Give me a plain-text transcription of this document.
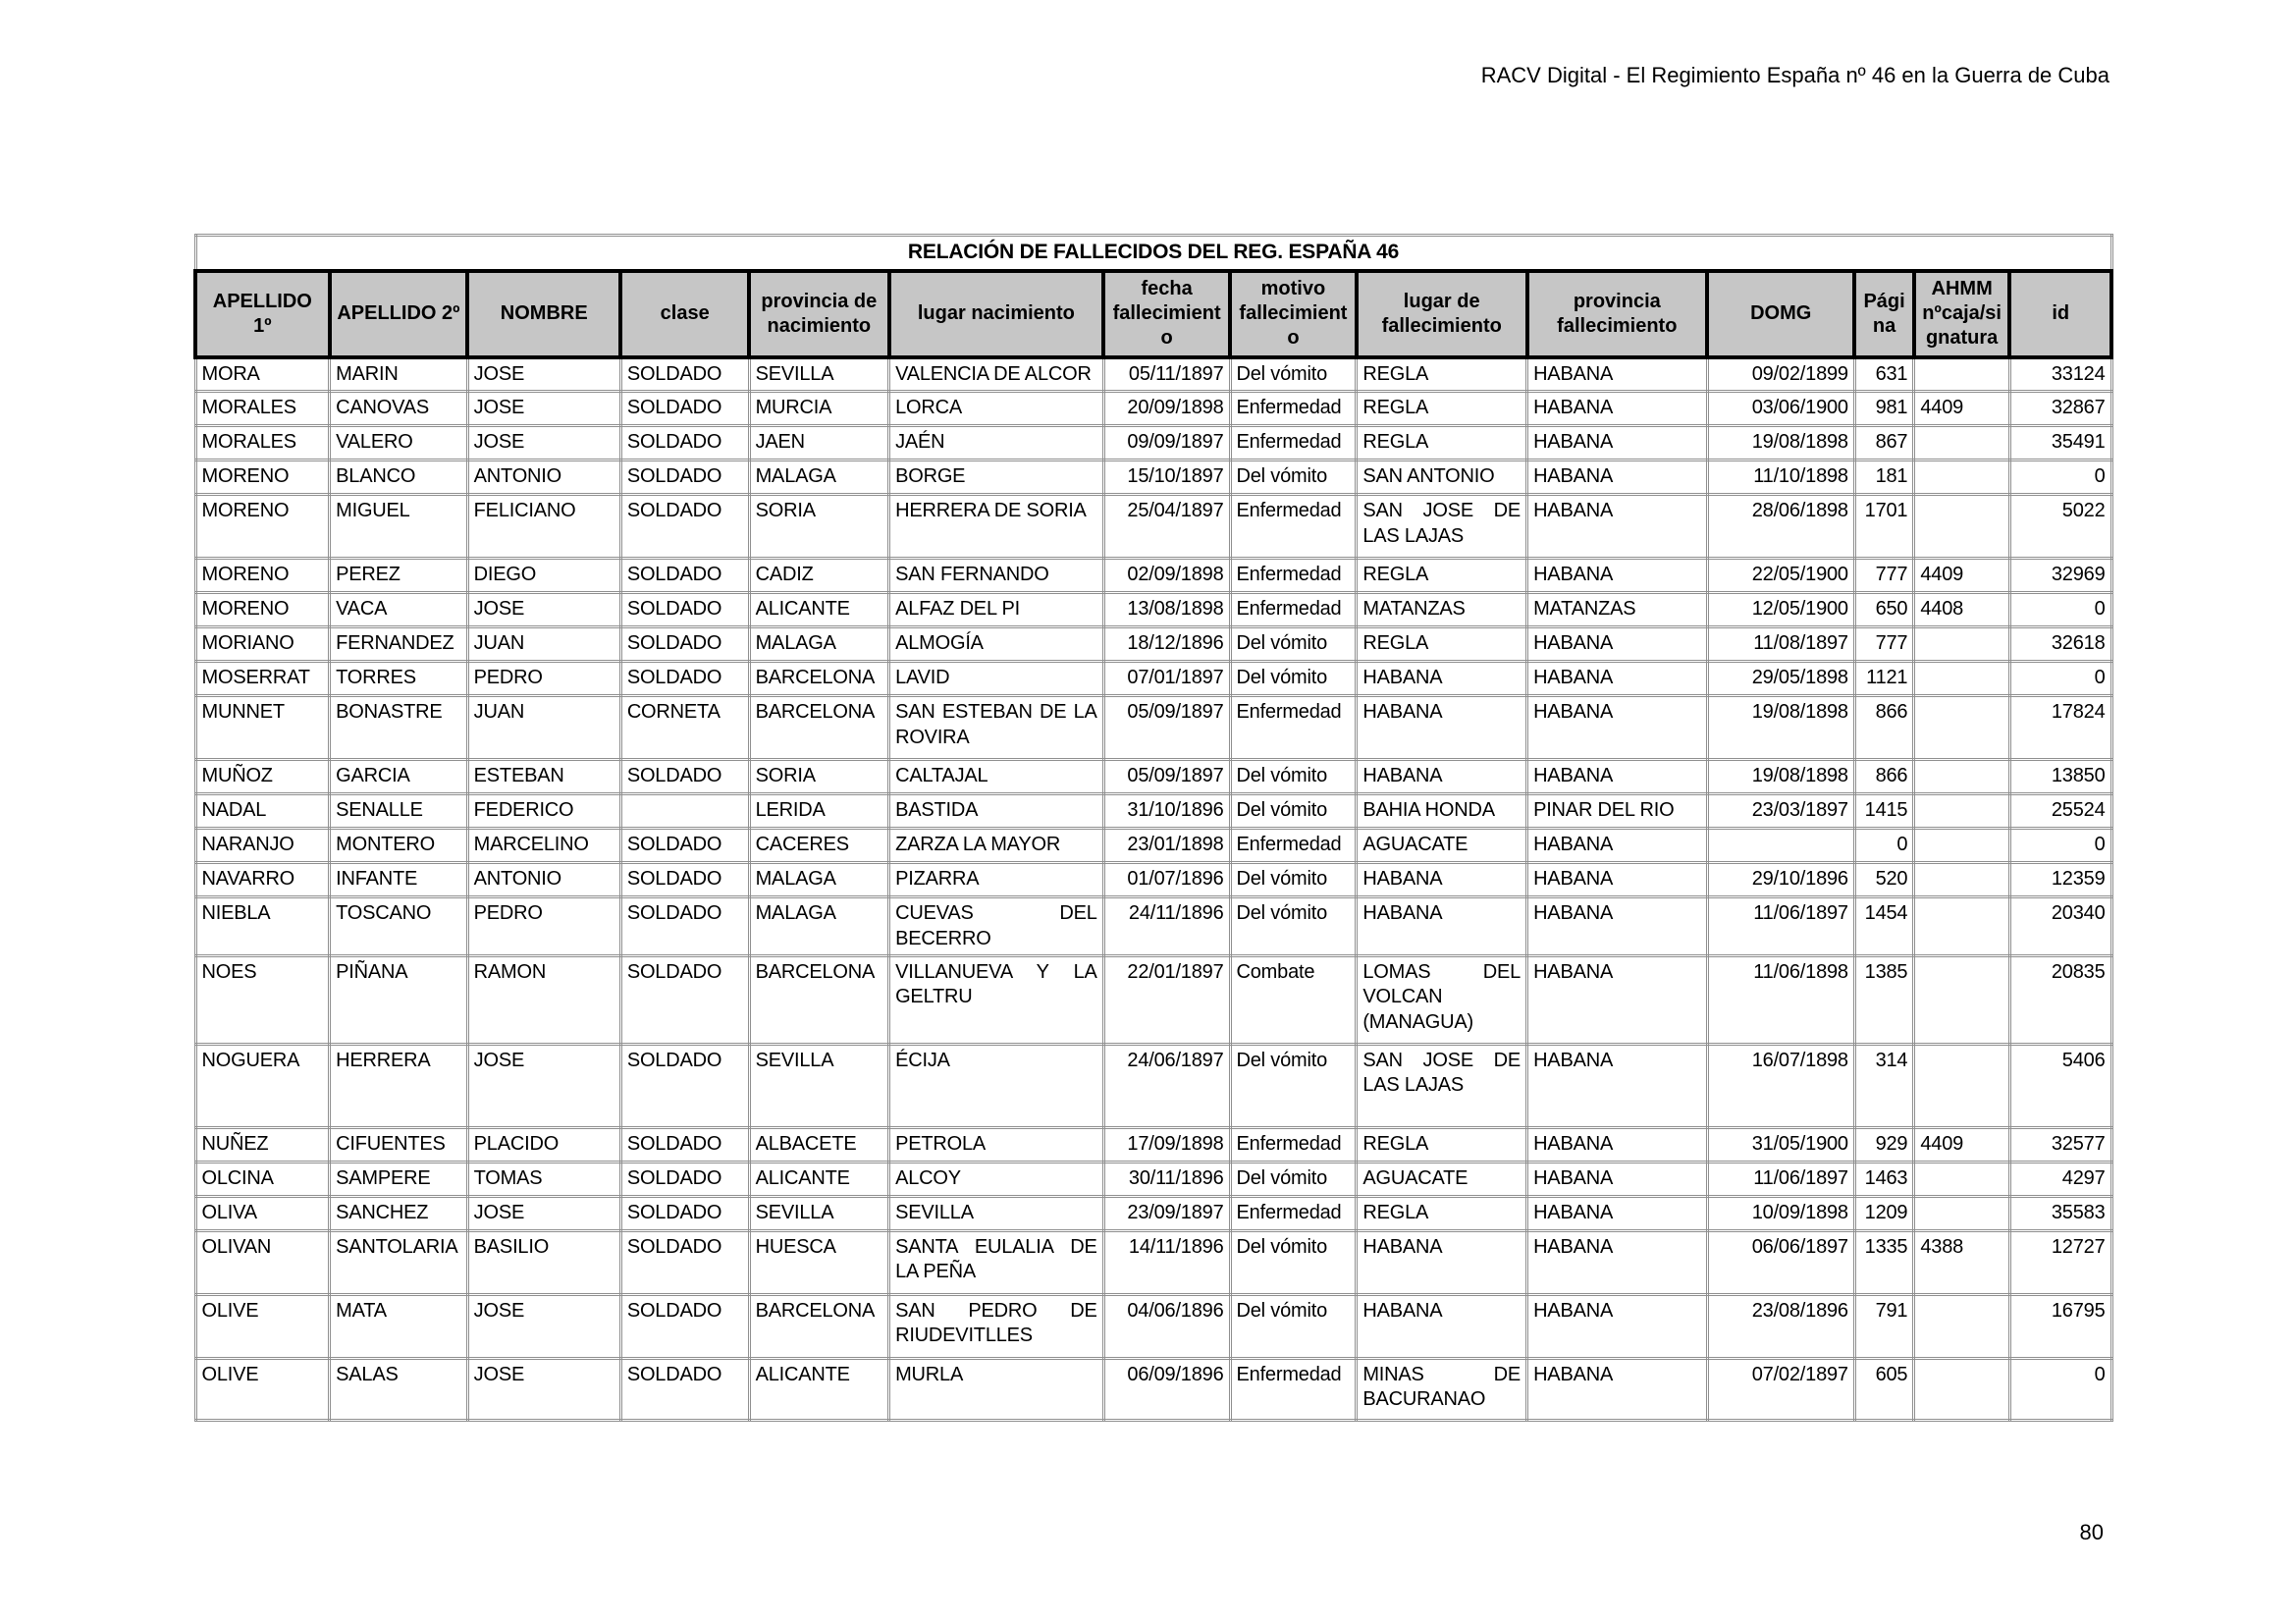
RACV Digital - El Regimiento España nº 46 en la Guerra de Cuba
RELACIÓN DE FALLECIDOS DEL REG. ESPAÑA 46													
APELLIDO 1º	APELLIDO 2º	NOMBRE	clase	provincia de nacimiento	lugar nacimiento	fecha fallecimiento	motivo fallecimiento	lugar de fallecimiento	provincia fallecimiento	DOMG	Página	AHMM nºcaja/signatura	id
MORA	MARIN	JOSE	SOLDADO	SEVILLA	VALENCIA DE ALCOR	05/11/1897	Del vómito	REGLA	HABANA	09/02/1899	631		33124
MORALES	CANOVAS	JOSE	SOLDADO	MURCIA	LORCA	20/09/1898	Enfermedad	REGLA	HABANA	03/06/1900	981	4409	32867
MORALES	VALERO	JOSE	SOLDADO	JAEN	JAÉN	09/09/1897	Enfermedad	REGLA	HABANA	19/08/1898	867		35491
MORENO	BLANCO	ANTONIO	SOLDADO	MALAGA	BORGE	15/10/1897	Del vómito	SAN ANTONIO	HABANA	11/10/1898	181		0
MORENO	MIGUEL	FELICIANO	SOLDADO	SORIA	HERRERA DE SORIA	25/04/1897	Enfermedad	SAN JOSE DE LAS LAJAS	HABANA	28/06/1898	1701		5022
MORENO	PEREZ	DIEGO	SOLDADO	CADIZ	SAN FERNANDO	02/09/1898	Enfermedad	REGLA	HABANA	22/05/1900	777	4409	32969
MORENO	VACA	JOSE	SOLDADO	ALICANTE	ALFAZ DEL PI	13/08/1898	Enfermedad	MATANZAS	MATANZAS	12/05/1900	650	4408	0
MORIANO	FERNANDEZ	JUAN	SOLDADO	MALAGA	ALMOGÍA	18/12/1896	Del vómito	REGLA	HABANA	11/08/1897	777		32618
MOSERRAT	TORRES	PEDRO	SOLDADO	BARCELONA	LAVID	07/01/1897	Del vómito	HABANA	HABANA	29/05/1898	1121		0
MUNNET	BONASTRE	JUAN	CORNETA	BARCELONA	SAN ESTEBAN DE LA ROVIRA	05/09/1897	Enfermedad	HABANA	HABANA	19/08/1898	866		17824
MUÑOZ	GARCIA	ESTEBAN	SOLDADO	SORIA	CALTAJAL	05/09/1897	Del vómito	HABANA	HABANA	19/08/1898	866		13850
NADAL	SENALLE	FEDERICO		LERIDA	BASTIDA	31/10/1896	Del vómito	BAHIA HONDA	PINAR DEL RIO	23/03/1897	1415		25524
NARANJO	MONTERO	MARCELINO	SOLDADO	CACERES	ZARZA LA MAYOR	23/01/1898	Enfermedad	AGUACATE	HABANA		0		0
NAVARRO	INFANTE	ANTONIO	SOLDADO	MALAGA	PIZARRA	01/07/1896	Del vómito	HABANA	HABANA	29/10/1896	520		12359
NIEBLA	TOSCANO	PEDRO	SOLDADO	MALAGA	CUEVAS DEL BECERRO	24/11/1896	Del vómito	HABANA	HABANA	11/06/1897	1454		20340
NOES	PIÑANA	RAMON	SOLDADO	BARCELONA	VILLANUEVA Y LA GELTRU	22/01/1897	Combate	LOMAS DEL VOLCAN (MANAGUA)	HABANA	11/06/1898	1385		20835
NOGUERA	HERRERA	JOSE	SOLDADO	SEVILLA	ÉCIJA	24/06/1897	Del vómito	SAN JOSE DE LAS LAJAS	HABANA	16/07/1898	314		5406
NUÑEZ	CIFUENTES	PLACIDO	SOLDADO	ALBACETE	PETROLA	17/09/1898	Enfermedad	REGLA	HABANA	31/05/1900	929	4409	32577
OLCINA	SAMPERE	TOMAS	SOLDADO	ALICANTE	ALCOY	30/11/1896	Del vómito	AGUACATE	HABANA	11/06/1897	1463		4297
OLIVA	SANCHEZ	JOSE	SOLDADO	SEVILLA	SEVILLA	23/09/1897	Enfermedad	REGLA	HABANA	10/09/1898	1209		35583
OLIVAN	SANTOLARIA	BASILIO	SOLDADO	HUESCA	SANTA EULALIA DE LA PEÑA	14/11/1896	Del vómito	HABANA	HABANA	06/06/1897	1335	4388	12727
OLIVE	MATA	JOSE	SOLDADO	BARCELONA	SAN PEDRO DE RIUDEVITLLES	04/06/1896	Del vómito	HABANA	HABANA	23/08/1896	791		16795
OLIVE	SALAS	JOSE	SOLDADO	ALICANTE	MURLA	06/09/1896	Enfermedad	MINAS DE BACURANAO	HABANA	07/02/1897	605		0
80
